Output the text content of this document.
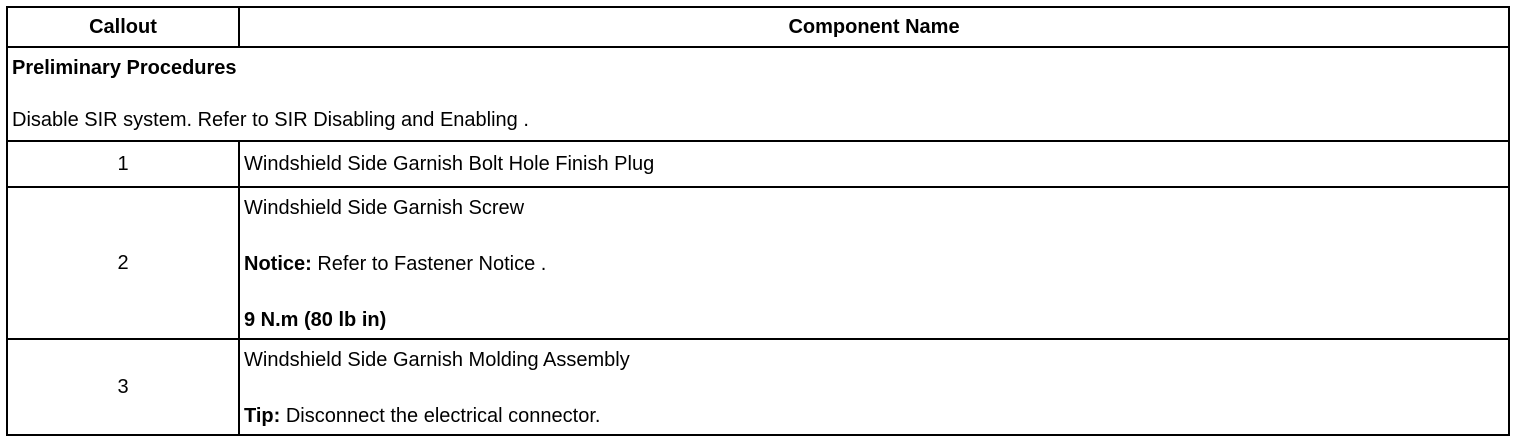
Callout	Component Name

Preliminary Procedures
Disable SIR system. Refer to SIR Disabling and Enabling .	

1	Windshield Side Garnish Bolt Hole Finish Plug

2	Windshield Side Garnish Screw

Notice: Refer to Fastener Notice .

9 N.m (80 lb in)

3	Windshield Side Garnish Molding Assembly

Tip: Disconnect the electrical connector.
